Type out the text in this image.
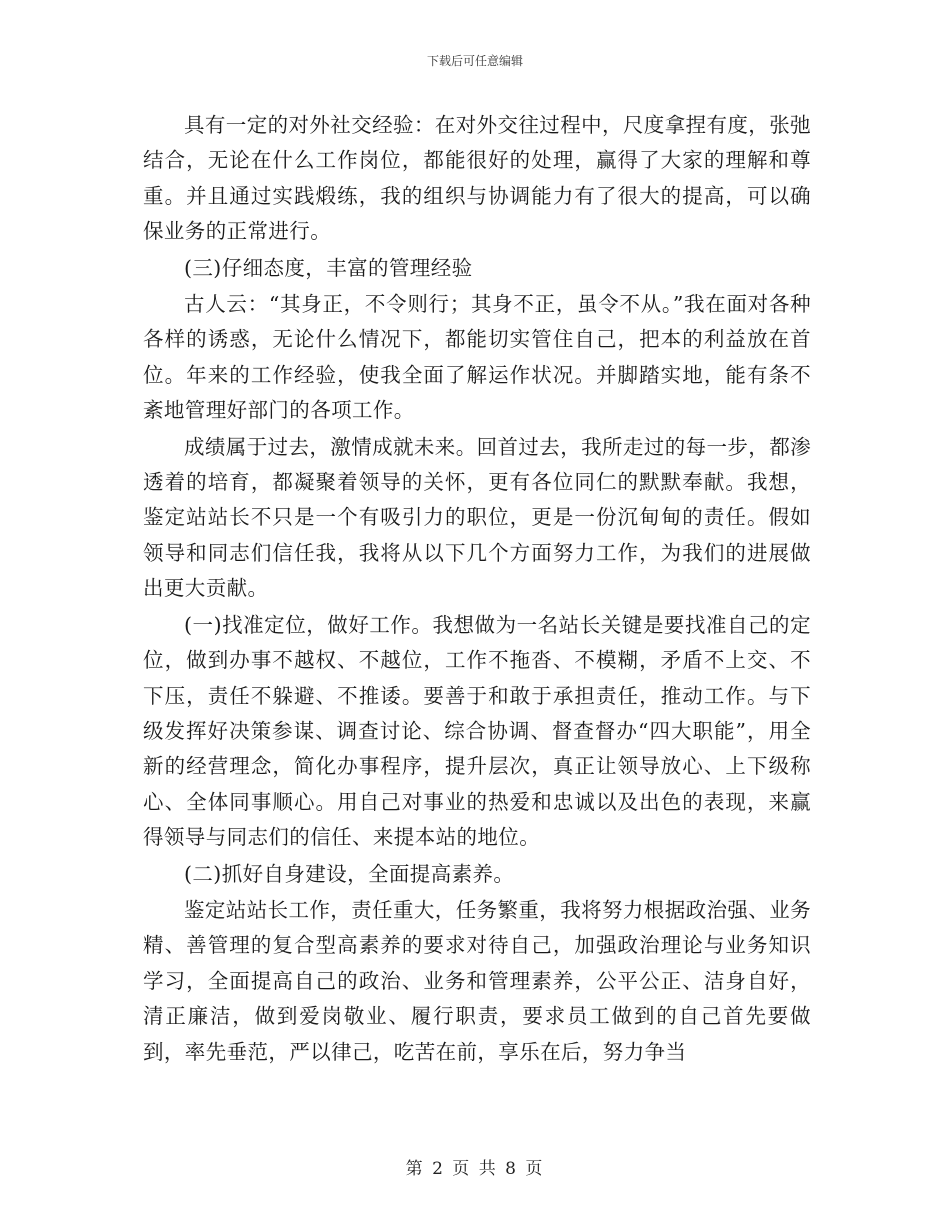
下载后可任意编辑

具有一定的对外社交经验：在对外交往过程中，尺度拿捏有度，张弛结合，无论在什么工作岗位，都能很好的处理，赢得了大家的理解和尊重。并且通过实践煅练，我的组织与协调能力有了很大的提高，可以确保业务的正常进行。

(三)仔细态度，丰富的管理经验

古人云：“其身正，不令则行；其身不正，虽令不从。”我在面对各种各样的诱惑，无论什么情况下，都能切实管住自己，把本的利益放在首位。年来的工作经验，使我全面了解运作状况。并脚踏实地，能有条不紊地管理好部门的各项工作。

成绩属于过去，激情成就未来。回首过去，我所走过的每一步，都渗透着的培育，都凝聚着领导的关怀，更有各位同仁的默默奉献。我想，鉴定站站长不只是一个有吸引力的职位，更是一份沉甸甸的责任。假如领导和同志们信任我，我将从以下几个方面努力工作，为我们的进展做出更大贡献。

(一)找准定位，做好工作。我想做为一名站长关键是要找准自己的定位，做到办事不越权、不越位，工作不拖沓、不模糊，矛盾不上交、不下压，责任不躲避、不推诿。要善于和敢于承担责任，推动工作。与下级发挥好决策参谋、调查讨论、综合协调、督查督办“四大职能”，用全新的经营理念，简化办事程序，提升层次，真正让领导放心、上下级称心、全体同事顺心。用自己对事业的热爱和忠诚以及出色的表现，来赢得领导与同志们的信任、来提本站的地位。

(二)抓好自身建设，全面提高素养。

鉴定站站长工作，责任重大，任务繁重，我将努力根据政治强、业务精、善管理的复合型高素养的要求对待自己，加强政治理论与业务知识学习，全面提高自己的政治、业务和管理素养，公平公正、洁身自好，清正廉洁，做到爱岗敬业、履行职责，要求员工做到的自己首先要做到，率先垂范，严以律己，吃苦在前，享乐在后，努力争当

第 2 页 共 8 页
